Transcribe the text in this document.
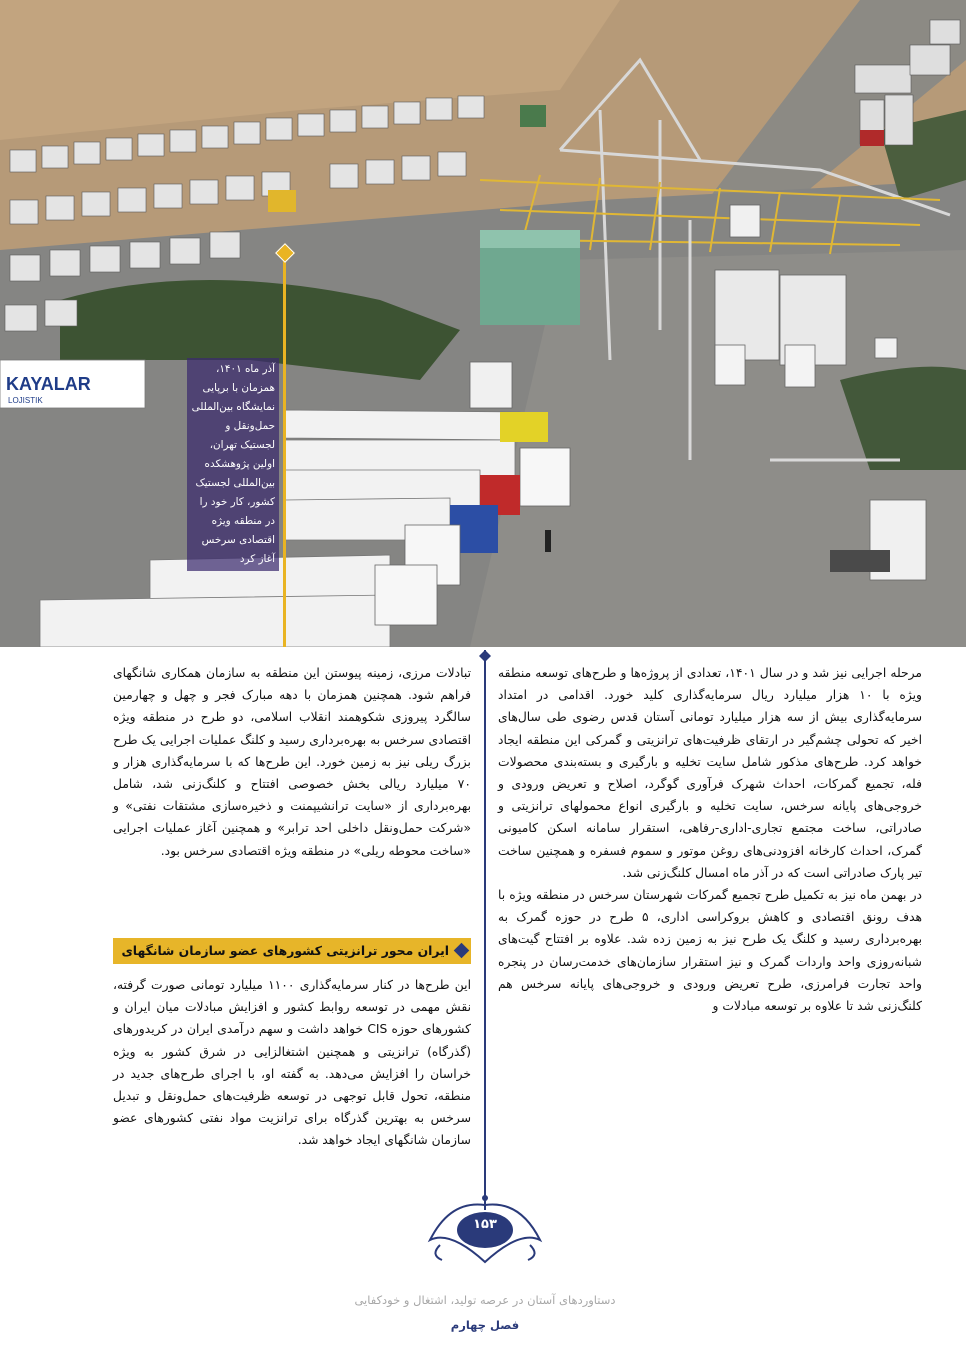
KAYALAR
LOJISTIK
آذر ماه ۱۴۰۱، همزمان با برپایی نمایشگاه بین‌المللی حمل‌ونقل و لجستیک تهران، اولین پژوهشکده بین‌المللی لجستیک کشور، کار خود را در منطقه ویژه اقتصادی سرخس آغاز کرد

مرحله اجرایی نیز شد و در سال ۱۴۰۱، تعدادی از پروژه‌ها و طرح‌های توسعه منطقه ویژه با ۱۰ هزار میلیارد ریال سرمایه‌گذاری کلید خورد. اقدامی در امتداد سرمایه‌گذاری بیش از سه هزار میلیارد تومانی آستان قدس رضوی طی سال‌های اخیر که تحولی چشم‌گیر در ارتقای ظرفیت‌های ترانزیتی و گمرکی این منطقه ایجاد خواهد کرد. طرح‌های مذکور شامل سایت تخلیه و بارگیری و بسته‌بندی محصولات فله، تجمیع گمرکات، احداث شهرک فرآوری گوگرد، اصلاح و تعریض ورودی و خروجی‌های پایانه سرخس، سایت تخلیه و بارگیری انواع محمولهای ترانزیتی و صادراتی، ساخت مجتمع تجاری-اداری-رفاهی، استقرار سامانه اسکن کامیونی گمرک، احداث کارخانه افزودنی‌های روغن موتور و سموم فسفره و همچنین ساخت تیر پارک صادراتی است که در آذر ماه امسال کلنگ‌زنی شد.

در بهمن ماه نیز به تکمیل طرح تجمیع گمرکات شهرستان سرخس در منطقه ویژه با هدف رونق اقتصادی و کاهش بروکراسی اداری، ۵ طرح در حوزه گمرک به بهره‌برداری رسید و کلنگ یک طرح نیز به زمین زده شد. علاوه بر افتتاح گیت‌های شبانه‌روزی واحد واردات گمرک و نیز استقرار سازمان‌های خدمت‌رسان در پنجره واحد تجارت فرامرزی، طرح تعریض ورودی و خروجی‌های پایانه سرخس هم کلنگ‌زنی شد تا علاوه بر توسعه مبادلات و

تبادلات مرزی، زمینه پیوستن این منطقه به سازمان همکاری شانگهای فراهم شود. همچنین همزمان با دهه مبارک فجر و چهل و چهارمین سالگرد پیروزی شکوهمند انقلاب اسلامی، دو طرح در منطقه ویژه اقتصادی سرخس به بهره‌برداری رسید و کلنگ عملیات اجرایی یک طرح بزرگ ریلی نیز به زمین خورد. این طرح‌ها که با سرمایه‌گذاری هزار و ۷۰ میلیارد ریالی بخش خصوصی افتتاح و کلنگ‌زنی شد، شامل بهره‌برداری از «سایت ترانشیپمنت و ذخیره‌سازی مشتقات نفتی» و «شرکت حمل‌ونقل داخلی احد ترابر» و همچنین آغاز عملیات اجرایی «ساخت محوطه ریلی» در منطقه ویژه اقتصادی سرخس بود.

ایران محور ترانزیتی کشورهای عضو سازمان شانگهای

این طرح‌ها در کنار سرمایه‌گذاری ۱۱۰۰ میلیارد تومانی صورت گرفته، نقش مهمی در توسعه روابط کشور و افزایش مبادلات میان ایران و کشورهای حوزه CIS خواهد داشت و سهم درآمدی ایران در کریدورهای (گذرگاه) ترانزیتی و همچنین اشتغالزایی در شرق کشور به ویژه خراسان را افزایش می‌دهد. به گفته او، با اجرای طرح‌های جدید در منطقه، تحول قابل توجهی در توسعه ظرفیت‌های حمل‌ونقل و تبدیل سرخس به بهترین گذرگاه برای ترانزیت مواد نفتی کشورهای عضو سازمان شانگهای ایجاد خواهد شد.

۱۵۳
دستاوردهای آستان در عرصه تولید، اشتغال و خودکفایی
فصل چهارم
